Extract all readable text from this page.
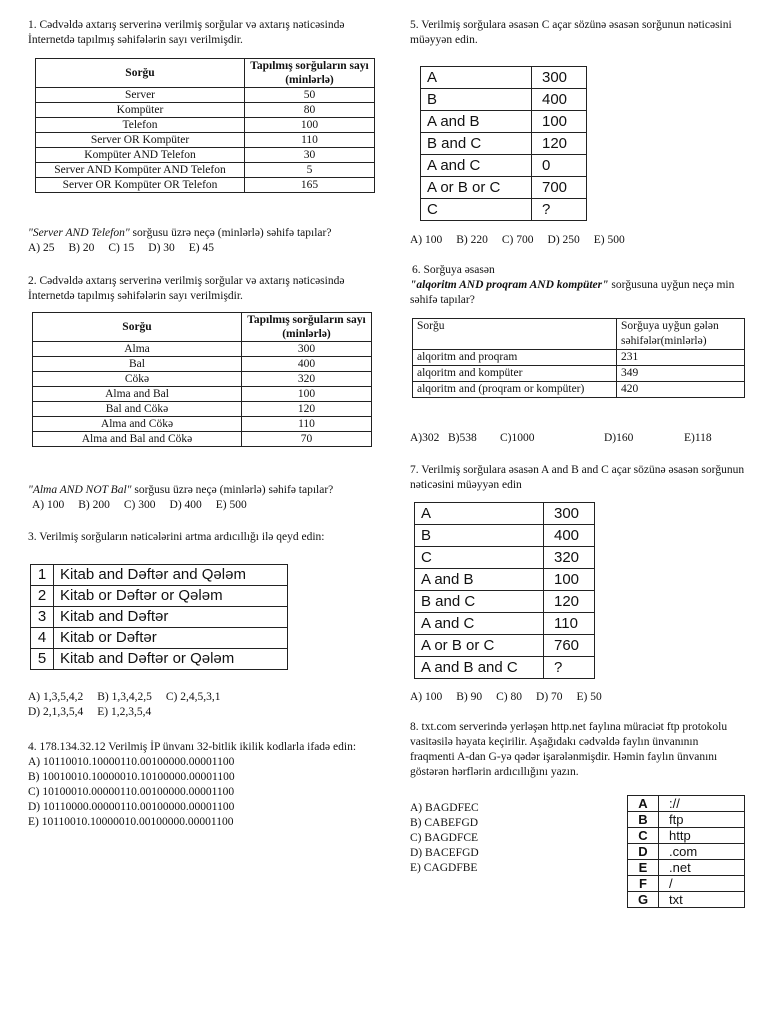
1. Cədvəldə axtarış serverinə verilmiş sorğular və axtarış nəticəsində İnternetdə tapılmış səhifələrin sayı verilmişdir.

Sorğu	Tapılmış sorğuların sayı (minlərlə)
Server	50
Kompüter	80
Telefon	100
Server OR Kompüter	110
Kompüter AND Telefon	30
Server AND Kompüter AND Telefon	5
Server OR Kompüter OR Telefon	165

"Server AND Telefon" sorğusu üzrə neçə (minlərlə) səhifə tapılar?

A) 25 B) 20 C) 15 D) 30 E) 45

2. Cədvəldə axtarış serverinə verilmiş sorğular və axtarış nəticəsində İnternetdə tapılmış səhifələrin sayı verilmişdir.

Sorğu	Tapılmış sorğuların sayı (minlərlə)
Alma	300
Bal	400
Cökə	320
Alma and Bal	100
Bal and Cökə	120
Alma and Cökə	110
Alma and Bal and Cökə	70

"Alma AND NOT Bal" sorğusu üzrə neçə (minlərlə) səhifə tapılar?

A) 100 B) 200 C) 300 D) 400 E) 500

3. Verilmiş sorğuların nəticələrini artma ardıcıllığı ilə qeyd edin:

1	Kitab and Dəftər and Qələm
2	Kitab or Dəftər or Qələm
3	Kitab and Dəftər
4	Kitab or Dəftər
5	Kitab and Dəftər or Qələm

A) 1,3,5,4,2 B) 1,3,4,2,5 C) 2,4,5,3,1

D) 2,1,3,5,4 E) 1,2,3,5,4

4. 178.134.32.12 Verilmiş İP ünvanı 32-bitlik ikilik kodlarla ifadə edin:

A) 10110010.10000110.00100000.00001100

B) 10010010.10000010.10100000.00001100

C) 10100010.00000110.00100000.00001100

D) 10110000.00000110.00100000.00001100

E) 10110010.10000010.00100000.00001100

5. Verilmiş sorğulara əsasən C açar sözünə əsasən sorğunun nəticəsini müəyyən edin.

A	300
B	400
A and B	100
B and C	120
A and C	0
A or B or C	700
C	?

A) 100 B) 220 C) 700 D) 250 E) 500

6. Sorğuya əsasən

"alqoritm AND proqram AND kompüter" sorğusuna uyğun neçə min səhifə tapılar?

Sorğu	Sorğuya uyğun gələn səhifələr(minlərlə)
alqoritm and proqram	231
alqoritm and kompüter	349
alqoritm and (proqram or kompüter)	420

A)302 B)538 C)1000	D)160	E)118

7. Verilmiş sorğulara əsasən A and B and C açar sözünə əsasən sorğunun nəticəsini müəyyən edin

A	300
B	400
C	320
A and B	100
B and C	120
A and C	110
A or B or C	760
A and B and C	?

A) 100 B) 90 C) 80 D) 70 E) 50

8. txt.com serverində yerləşən http.net faylına müraciət ftp protokolu vasitəsilə həyata keçirilir. Aşağıdakı cədvəldə faylın ünvanının fraqmenti A-dan G-yə qədər işarələnmişdir. Həmin faylın ünvanını göstərən hərflərin ardıcıllığını yazın.

A) BAGDFEC

B) CABEFGD

C) BAGDFCE

D) BACEFGD

E) CAGDFBE

A	://
B	ftp
C	http
D	.com
E	.net
F	/
G	txt
